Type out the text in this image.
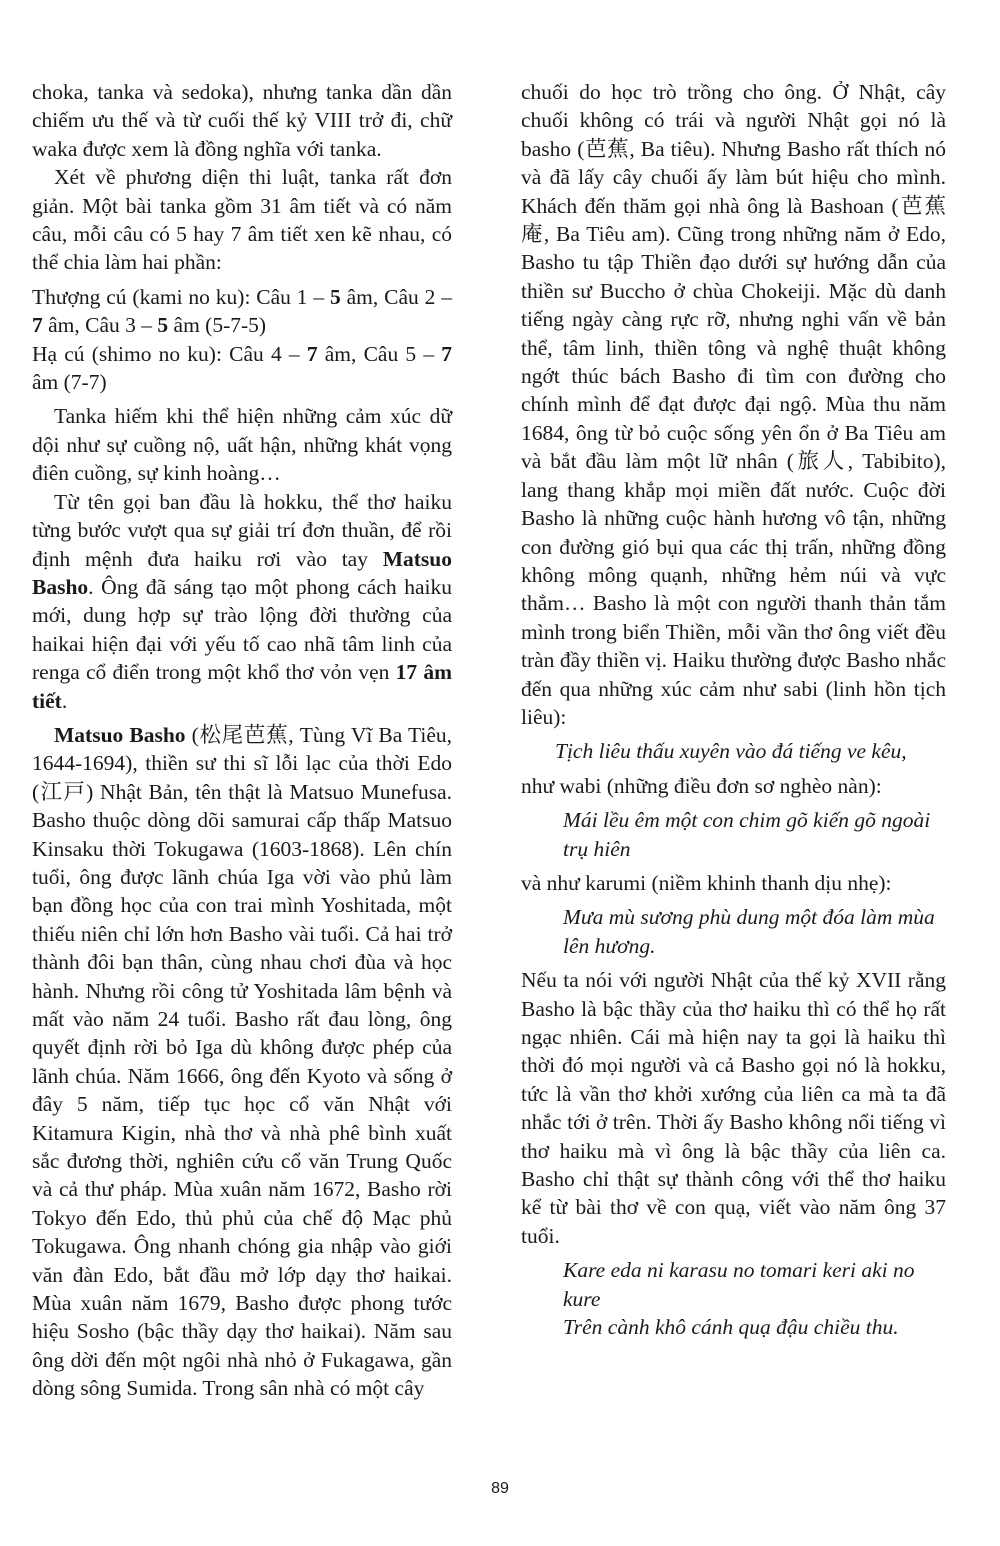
choka, tanka và sedoka), nhưng tanka dần dần chiếm ưu thế và từ cuối thế kỷ VIII trở đi, chữ waka được xem là đồng nghĩa với tanka.

Xét về phương diện thi luật, tanka rất đơn giản. Một bài tanka gồm 31 âm tiết và có năm câu, mỗi câu có 5 hay 7 âm tiết xen kẽ nhau, có thể chia làm hai phần:

Thượng cú (kami no ku): Câu 1 – 5 âm, Câu 2 – 7 âm, Câu 3 – 5 âm (5-7-5)

Hạ cú (shimo no ku): Câu 4 – 7 âm, Câu 5 – 7 âm (7-7)

Tanka hiếm khi thể hiện những cảm xúc dữ dội như sự cuồng nộ, uất hận, những khát vọng điên cuồng, sự kinh hoàng…

Từ tên gọi ban đầu là hokku, thể thơ haiku từng bước vượt qua sự giải trí đơn thuần, để rồi định mệnh đưa haiku rơi vào tay Matsuo Basho. Ông đã sáng tạo một phong cách haiku mới, dung hợp sự trào lộng đời thường của haikai hiện đại với yếu tố cao nhã tâm linh của renga cổ điển trong một khổ thơ vỏn vẹn 17 âm tiết.

Matsuo Basho (松尾芭蕉, Tùng Vĩ Ba Tiêu, 1644-1694), thiền sư thi sĩ lỗi lạc của thời Edo (江戸) Nhật Bản, tên thật là Matsuo Munefusa. Basho thuộc dòng dõi samurai cấp thấp Matsuo Kinsaku thời Tokugawa (1603-1868). Lên chín tuổi, ông được lãnh chúa Iga vời vào phủ làm bạn đồng học của con trai mình Yoshitada, một thiếu niên chỉ lớn hơn Basho vài tuổi. Cả hai trở thành đôi bạn thân, cùng nhau chơi đùa và học hành. Nhưng rồi công tử Yoshitada lâm bệnh và mất vào năm 24 tuổi. Basho rất đau lòng, ông quyết định rời bỏ Iga dù không được phép của lãnh chúa. Năm 1666, ông đến Kyoto và sống ở đây 5 năm, tiếp tục học cổ văn Nhật với Kitamura Kigin, nhà thơ và nhà phê bình xuất sắc đương thời, nghiên cứu cổ văn Trung Quốc và cả thư pháp. Mùa xuân năm 1672, Basho rời Tokyo đến Edo, thủ phủ của chế độ Mạc phủ Tokugawa. Ông nhanh chóng gia nhập vào giới văn đàn Edo, bắt đầu mở lớp dạy thơ haikai. Mùa xuân năm 1679, Basho được phong tước hiệu Sosho (bậc thầy dạy thơ haikai). Năm sau ông dời đến một ngôi nhà nhỏ ở Fukagawa, gần dòng sông Sumida. Trong sân nhà có một cây

chuối do học trò trồng cho ông. Ở Nhật, cây chuối không có trái và người Nhật gọi nó là basho (芭蕉, Ba tiêu). Nhưng Basho rất thích nó và đã lấy cây chuối ấy làm bút hiệu cho mình. Khách đến thăm gọi nhà ông là Bashoan (芭蕉庵, Ba Tiêu am). Cũng trong những năm ở Edo, Basho tu tập Thiền đạo dưới sự hướng dẫn của thiền sư Buccho ở chùa Chokeiji. Mặc dù danh tiếng ngày càng rực rỡ, nhưng nghi vấn về bản thể, tâm linh, thiền tông và nghệ thuật không ngớt thúc bách Basho đi tìm con đường cho chính mình để đạt được đại ngộ. Mùa thu năm 1684, ông từ bỏ cuộc sống yên ổn ở Ba Tiêu am và bắt đầu làm một lữ nhân (旅人, Tabibito), lang thang khắp mọi miền đất nước. Cuộc đời Basho là những cuộc hành hương vô tận, những con đường gió bụi qua các thị trấn, những đồng không mông quạnh, những hẻm núi và vực thẳm… Basho là một con người thanh thản tắm mình trong biển Thiền, mỗi vần thơ ông viết đều tràn đầy thiền vị. Haiku thường được Basho nhắc đến qua những xúc cảm như sabi (linh hồn tịch liêu):

Tịch liêu thấu xuyên vào đá tiếng ve kêu,

như wabi (những điều đơn sơ nghèo nàn):

Mái lều êm một con chim gõ kiến gõ ngoài trụ hiên

và như karumi (niềm khinh thanh dịu nhẹ):

Mưa mù sương phù dung một đóa làm mùa lên hương.

Nếu ta nói với người Nhật của thế kỷ XVII rằng Basho là bậc thầy của thơ haiku thì có thể họ rất ngạc nhiên. Cái mà hiện nay ta gọi là haiku thì thời đó mọi người và cả Basho gọi nó là hokku, tức là vần thơ khởi xướng của liên ca mà ta đã nhắc tới ở trên. Thời ấy Basho không nổi tiếng vì thơ haiku mà vì ông là bậc thầy của liên ca. Basho chỉ thật sự thành công với thể thơ haiku kể từ bài thơ về con quạ, viết vào năm ông 37 tuổi.

Kare eda ni karasu no tomari keri aki no kure
Trên cành khô cánh quạ đậu chiều thu.
89
